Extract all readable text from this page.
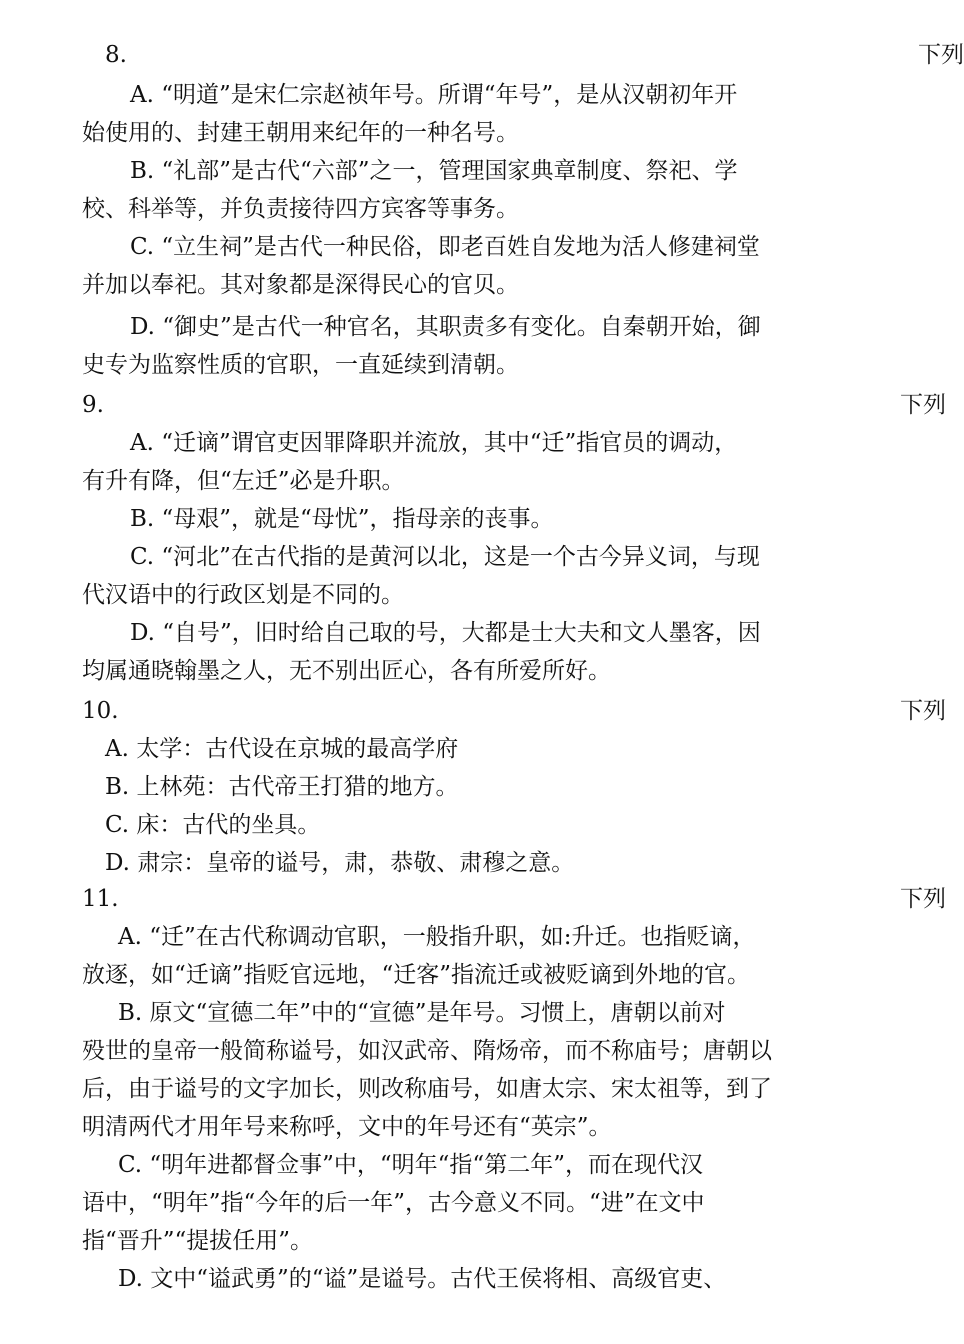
8.	下列
A. “明道”是宋仁宗赵祯年号。所谓“年号”，是从汉朝初年开
始使用的、封建王朝用来纪年的一种名号。
B. “礼部”是古代“六部”之一，管理国家典章制度、祭祀、学
校、科举等，并负责接待四方宾客等事务。
C. “立生祠”是古代一种民俗，即老百姓自发地为活人修建祠堂
并加以奉祀。其对象都是深得民心的官贝。
D. “御史”是古代一种官名，其职责多有变化。自秦朝开始，御
史专为监察性质的官职，一直延续到清朝。
9.	下列
A. “迁谪”谓官吏因罪降职并流放，其中“迁”指官员的调动，
有升有降，但“左迁”必是升职。
B. “母艰”，就是“母忧”，指母亲的丧事。
C. “河北”在古代指的是黄河以北，这是一个古今异义词，与现
代汉语中的行政区划是不同的。
D. “自号”，旧时给自己取的号，大都是士大夫和文人墨客，因
均属通晓翰墨之人，无不别出匠心，各有所爱所好。
10.	下列
A. 太学：古代设在京城的最高学府
B. 上林苑：古代帝王打猎的地方。
C. 床：古代的坐具。
D. 肃宗：皇帝的谥号，肃，恭敬、肃穆之意。
11.	下列
A. “迁”在古代称调动官职，一般指升职，如:升迁。也指贬谪，
放逐，如“迁谪”指贬官远地，“迁客”指流迁或被贬谪到外地的官。
B. 原文“宣德二年”中的“宣德”是年号。习惯上，唐朝以前对
殁世的皇帝一般简称谥号，如汉武帝、隋炀帝，而不称庙号；唐朝以
后，由于谥号的文字加长，则改称庙号，如唐太宗、宋太祖等，到了
明清两代才用年号来称呼，文中的年号还有“英宗”。
C. “明年进都督佥事”中，“明年“指“第二年”，而在现代汉
语中，“明年”指“今年的后一年”，古今意义不同。“进”在文中
指“晋升”“提拔任用”。
D. 文中“谥武勇”的“谥”是谥号。古代王侯将相、高级官吏、
